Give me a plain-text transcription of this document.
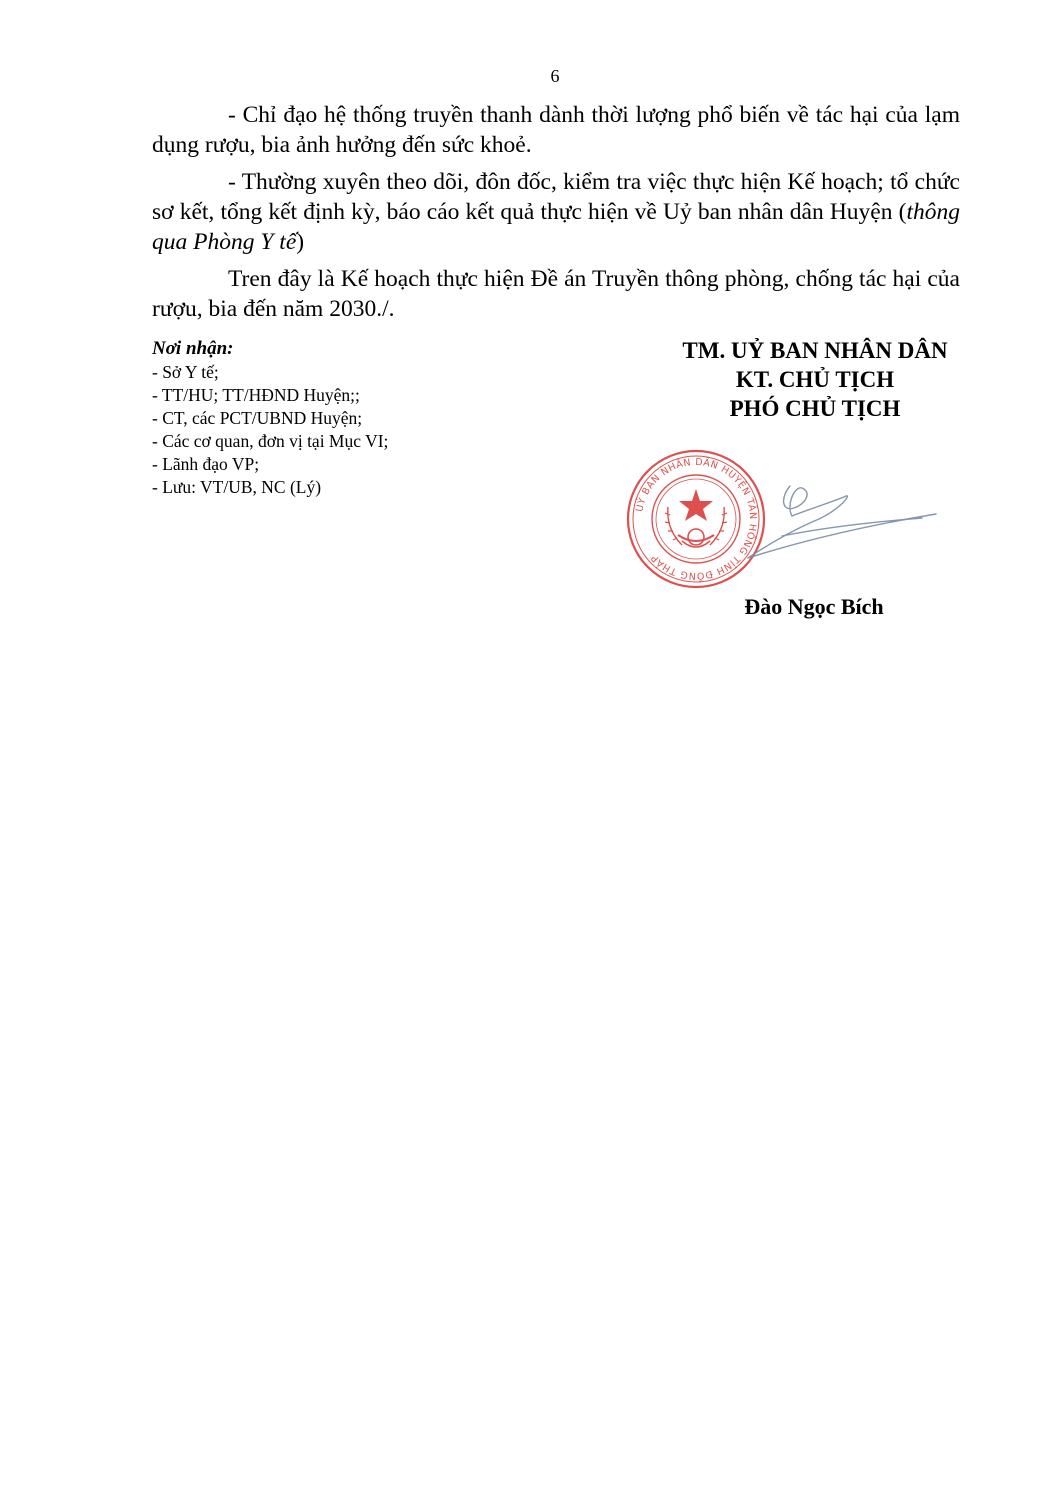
6

- Chỉ đạo hệ thống truyền thanh dành thời lượng phổ biến về tác hại của lạm dụng rượu, bia ảnh hưởng đến sức khoẻ.

- Thường xuyên theo dõi, đôn đốc, kiểm tra việc thực hiện Kế hoạch; tổ chức sơ kết, tổng kết định kỳ, báo cáo kết quả thực hiện về Uỷ ban nhân dân Huyện (thông qua Phòng Y tế)

Tren đây là Kế hoạch thực hiện Đề án Truyền thông phòng, chống tác hại của rượu, bia đến năm 2030./.

Nơi nhận:
- Sở Y tế;
- TT/HU; TT/HĐND Huyện;;
- CT, các PCT/UBND Huyện;
- Các cơ quan, đơn vị tại Mục VI;
- Lãnh đạo VP;
- Lưu: VT/UB, NC (Lý)
TM. UỶ BAN NHÂN DÂN
KT. CHỦ TỊCH
PHÓ CHỦ TỊCH
UỶ BAN NHÂN DÂN HUYỆN TÂN HỒNG TỈNH ĐỒNG THÁP
Đào Ngọc Bích
